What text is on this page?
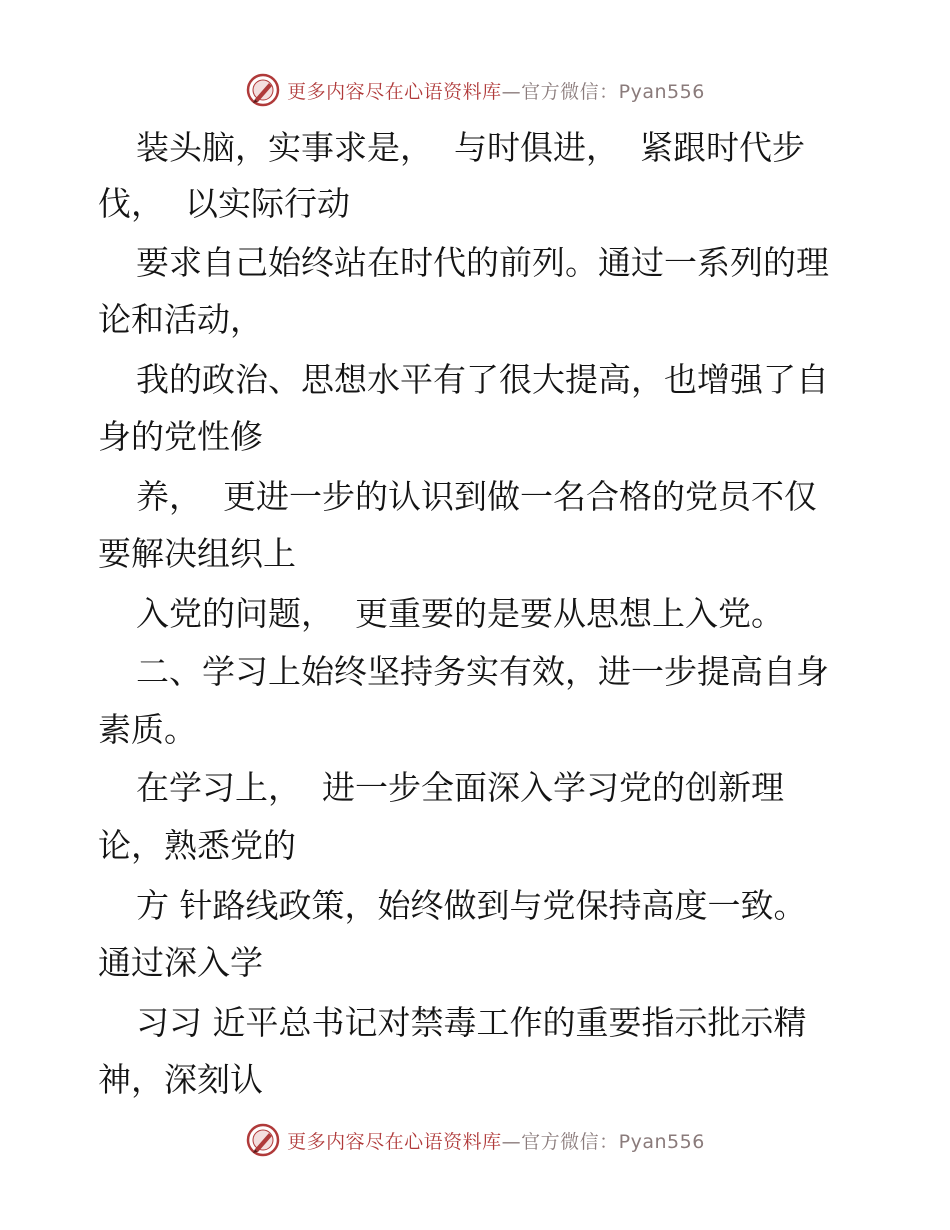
更多内容尽在心语资料库—官方微信：Pyan556
装头脑，实事求是，  与时俱进，  紧跟时代步
伐，  以实际行动
要求自己始终站在时代的前列。通过一系列的理
论和活动，
我的政治、思想水平有了很大提高，也增强了自
身的党性修
养，  更进一步的认识到做一名合格的党员不仅
要解决组织上
入党的问题，  更重要的是要从思想上入党。
二、学习上始终坚持务实有效，进一步提高自身
素质。
在学习上，  进一步全面深入学习党的创新理
论，熟悉党的
方 针路线政策，始终做到与党保持高度一致。
通过深入学
习习 近平总书记对禁毒工作的重要指示批示精
神，深刻认
更多内容尽在心语资料库—官方微信：Pyan556
